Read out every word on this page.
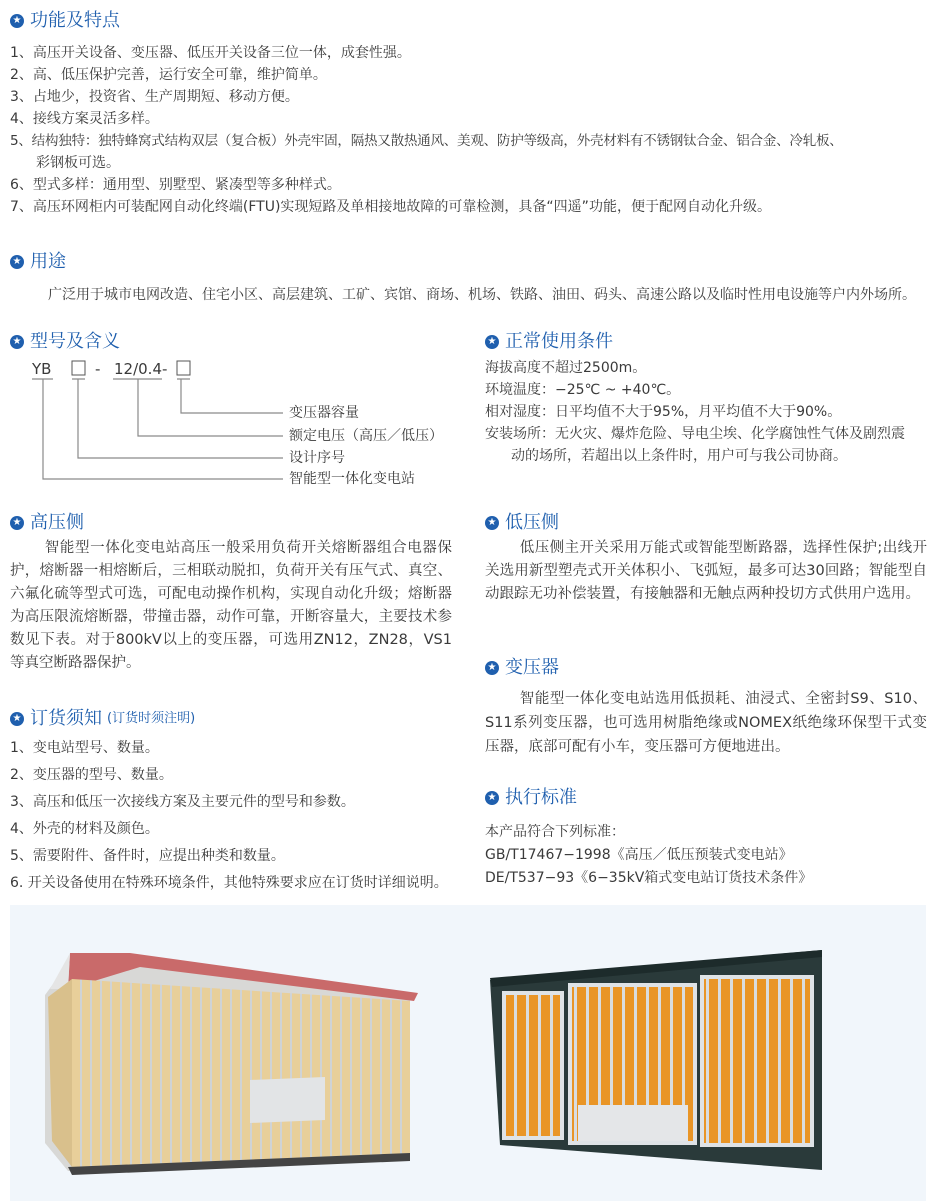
★
功能及特点
1、高压开关设备、变压器、低压开关设备三位一体，成套性强。
2、高、低压保护完善，运行安全可靠，维护简单。
3、占地少，投资省、生产周期短、移动方便。
4、接线方案灵活多样。
5、结构独特：独特蜂窝式结构双层（复合板）外壳牢固，隔热又散热通风、美观、防护等级高，外壳材料有不锈钢钛合金、铝合金、冷轧板、
彩钢板可选。
6、型式多样：通用型、别墅型、紧凑型等多种样式。
7、高压环网柜内可装配网自动化终端(FTU)实现短路及单相接地故障的可靠检测，具备“四遥”功能，便于配网自动化升级。
★
用途
广泛用于城市电网改造、住宅小区、高层建筑、工矿、宾馆、商场、机场、铁路、油田、码头、高速公路以及临时性用电设施等户内外场所。
★
型号及含义
YB	- 12/0.4-
变压器容量
额定电压（高压／低压）
设计序号
智能型一体化变电站
★
高压侧

智能型一体化变电站高压一般采用负荷开关熔断器组合电器保护，熔断器一相熔断后，三相联动脱扣，负荷开关有压气式、真空、六氟化硫等型式可选，可配电动操作机构，实现自动化升级；熔断器为高压限流熔断器，带撞击器，动作可靠，开断容量大，主要技术参数见下表。对于800kV以上的变压器，可选用ZN12，ZN28，VS1等真空断路器保护。

★
订货须知 (订货时须注明)
1、变电站型号、数量。
2、变压器的型号、数量。
3、高压和低压一次接线方案及主要元件的型号和参数。
4、外壳的材料及颜色。
5、需要附件、备件时，应提出种类和数量。
6. 开关设备使用在特殊环境条件，其他特殊要求应在订货时详细说明。
★
正常使用条件
海拔高度不超过2500m。
环境温度：−25℃ ~ +40℃。
相对湿度：日平均值不大于95%，月平均值不大于90%。
安装场所：无火灾、爆炸危险、导电尘埃、化学腐蚀性气体及剧烈震
动的场所，若超出以上条件时，用户可与我公司协商。
★
低压侧

低压侧主开关采用万能式或智能型断路器，选择性保护;出线开关选用新型塑壳式开关体积小、飞弧短，最多可达30回路；智能型自动跟踪无功补偿装置，有接触器和无触点两种投切方式供用户选用。

★
变压器

智能型一体化变电站选用低损耗、油浸式、全密封S9、S10、S11系列变压器，也可选用树脂绝缘或NOMEX纸绝缘环保型干式变压器，底部可配有小车，变压器可方便地进出。

★
执行标准
本产品符合下列标准：
GB/T17467−1998《高压／低压预装式变电站》
DE/T537−93《6−35kV箱式变电站订货技术条件》
